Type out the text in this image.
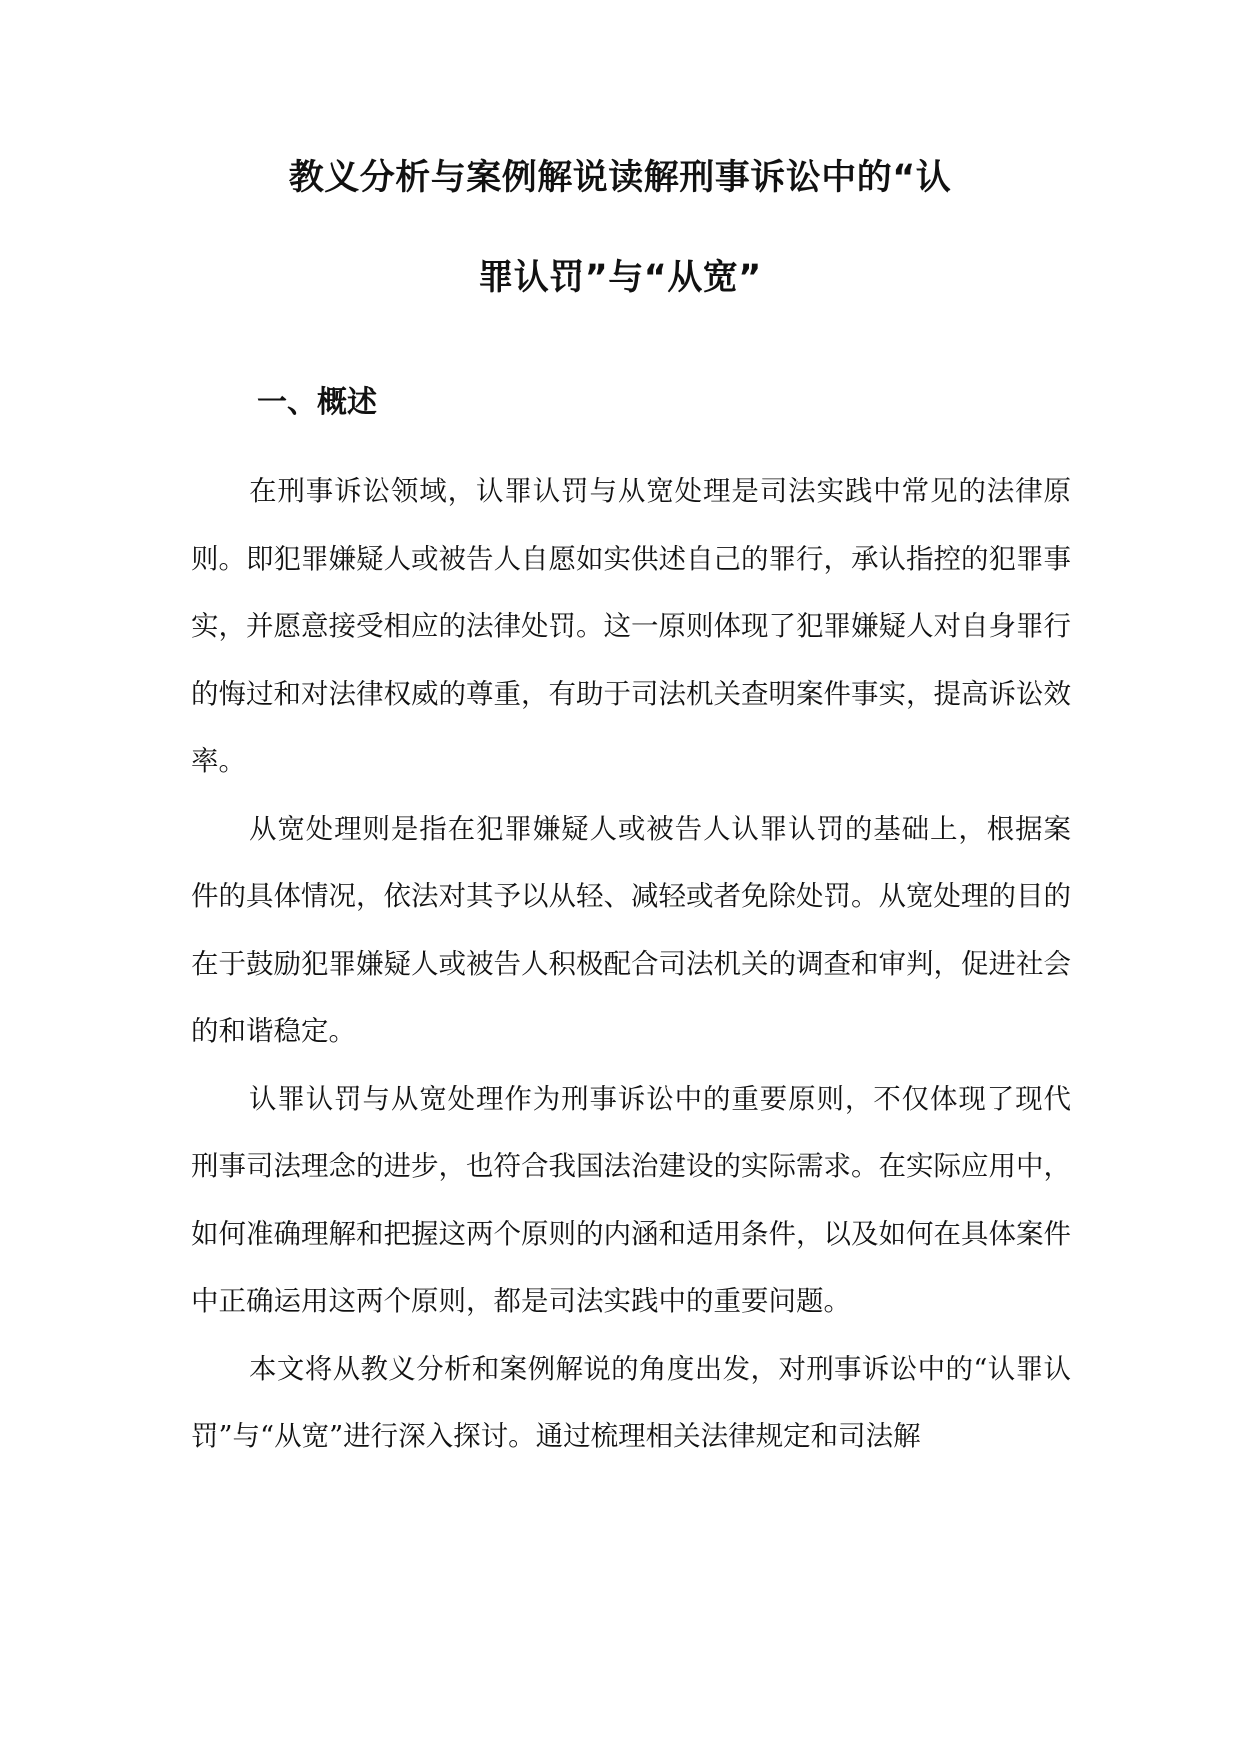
教义分析与案例解说读解刑事诉讼中的“认
罪认罚”与“从宽”
一、概述

在刑事诉讼领域，认罪认罚与从宽处理是司法实践中常见的法律原则。即犯罪嫌疑人或被告人自愿如实供述自己的罪行，承认指控的犯罪事实，并愿意接受相应的法律处罚。这一原则体现了犯罪嫌疑人对自身罪行的悔过和对法律权威的尊重，有助于司法机关查明案件事实，提高诉讼效率。

从宽处理则是指在犯罪嫌疑人或被告人认罪认罚的基础上，根据案件的具体情况，依法对其予以从轻、减轻或者免除处罚。从宽处理的目的在于鼓励犯罪嫌疑人或被告人积极配合司法机关的调查和审判，促进社会的和谐稳定。

认罪认罚与从宽处理作为刑事诉讼中的重要原则，不仅体现了现代刑事司法理念的进步，也符合我国法治建设的实际需求。在实际应用中，如何准确理解和把握这两个原则的内涵和适用条件，以及如何在具体案件中正确运用这两个原则，都是司法实践中的重要问题。

本文将从教义分析和案例解说的角度出发，对刑事诉讼中的“认罪认罚”与“从宽”进行深入探讨。通过梳理相关法律规定和司法解
